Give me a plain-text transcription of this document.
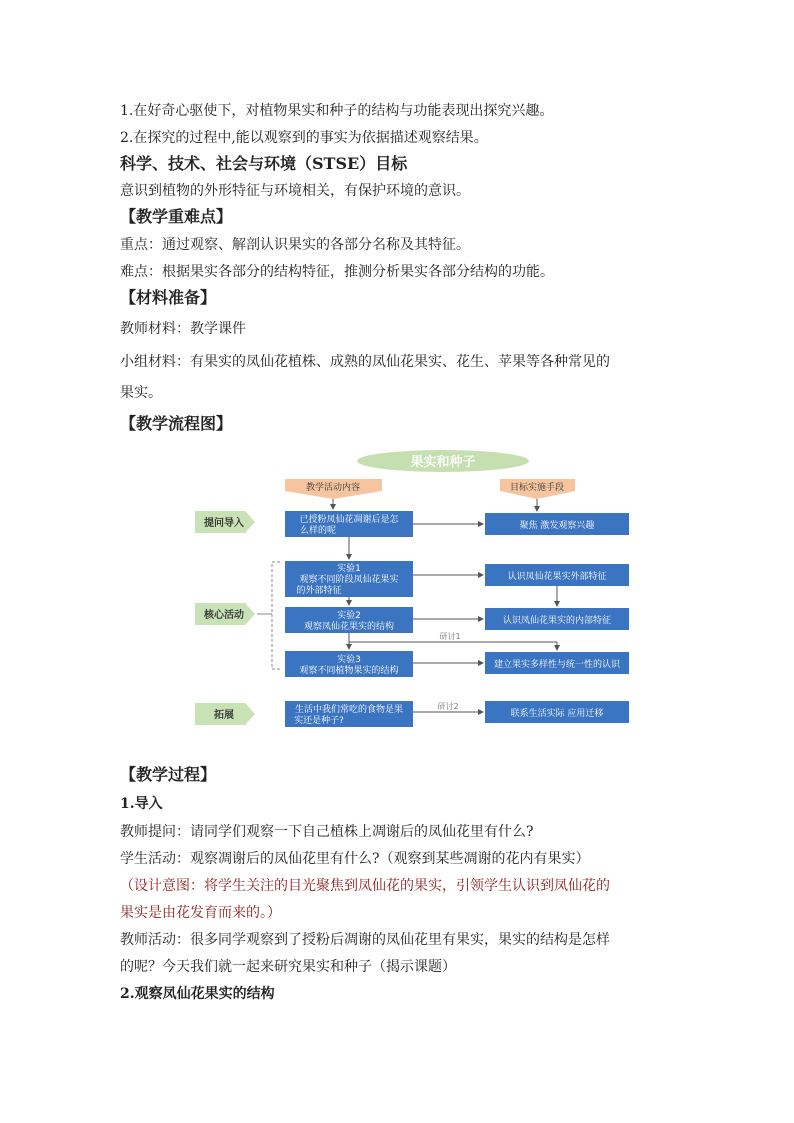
1.在好奇心驱使下，对植物果实和种子的结构与功能表现出探究兴趣。
2.在探究的过程中,能以观察到的事实为依据描述观察结果。
科学、技术、社会与环境（STSE）目标
意识到植物的外形特征与环境相关，有保护环境的意识。
【教学重难点】
重点：通过观察、解剖认识果实的各部分名称及其特征。
难点：根据果实各部分的结构特征，推测分析果实各部分结构的功能。
【材料准备】
教师材料：教学课件
小组材料：有果实的凤仙花植株、成熟的凤仙花果实、花生、苹果等各种常见的
果实。
【教学流程图】
果实和种子
教学活动内容	目标实施手段
提问导入
核心活动
拓展
已授粉凤仙花凋谢后是怎
么样的呢
实验1
观察不同阶段凤仙花果实
的外部特征
实验2
观察凤仙花果实的结构
实验3
观察不同植物果实的结构
生活中我们常吃的食物是果
实还是种子?
聚焦 激发观察兴趣
认识凤仙花果实外部特征
认识凤仙花果实的内部特征
建立果实多样性与统一性的认识
联系生活实际 应用迁移
研讨1
研讨2
【教学过程】
1.导入
教师提问：请同学们观察一下自己植株上凋谢后的凤仙花里有什么?
学生活动：观察凋谢后的凤仙花里有什么?（观察到某些凋谢的花内有果实）
（设计意图：将学生关注的目光聚焦到凤仙花的果实，引领学生认识到凤仙花的
果实是由花发育而来的。）
教师活动：很多同学观察到了授粉后凋谢的凤仙花里有果实，果实的结构是怎样
的呢？今天我们就一起来研究果实和种子（揭示课题）
2.观察凤仙花果实的结构
